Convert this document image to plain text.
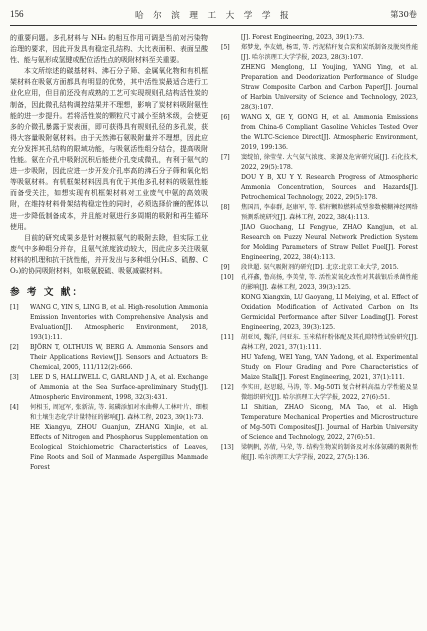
156	哈 尔 滨 理 工 大 学 学 报	第30卷

的重要问题。多孔材料与 NH₃ 的相互作用可调是当前对污染物治理的要求，因此开发具有稳定孔结构、大比表面积、表面呈酸性、能与氨形成氢键或配位活性点的吸附材料至关重要。

本文所综述的碳基材料、沸石分子筛、金属氧化物和有机框架材料在吸氨方面都具有明显的优势，其中活性炭最适合进行工业化应用，但目前还没有成熟的工艺可实现规则孔结构活性炭的制备，因此微孔结构调控结果并不理想，影响了炭材料吸附氨性能的进一步提升。若将活性炭的颗粒尺寸减小至纳米级，会使更多的介微孔暴露于炭表面，即可获得具有规则孔径的多孔炭，获得大容量吸附氨材料。由于天然沸石氨吸附量并不理想，因此应充分发挥其孔结构的限域功能，与吸氨活性组分结合，提高吸附性能。氨在介孔中吸附沉积后能使介孔变成微孔，有利于氨气的进一步吸附，因此应进一步开发介孔率高的沸石分子筛和氧化铝等吸氨材料。有机框架材料因具有优于其他多孔材料的吸氨性能而备受关注，如想实现有机框架材料对工业废气中氨的高效吸附，在维持材料骨架结构稳定性的同时，必须选择价廉的配体以进一步降低制备成本，并且能对氨进行多周期的吸附和再生循环使用。

目前的研究成果多是针对模拟氨气的吸附去除，但实际工业废气中多种组分并存，且氨气浓度波动较大，因此应多关注吸氨材料的机理和抗干扰性能，并开发出与多种组分(H₂S、硫醇、CO₂)的协同吸附材料，如吸氨脱硫、吸氨减碳材料。

参 考 文 献：
[1]	WANG C, YIN S, LING B, et al. High-resolution Ammonia Emission Inventories with Comprehensive Analysis and Evaluation[J]. Atmospheric Environment, 2018, 193(1):11.
[2]	BJÖRN T, OLTHUIS W, BERG A. Ammonia Sensors and Their Applications Review[J]. Sensors and Actuators B: Chemical, 2005, 111/112(2):666.
[3]	LEE D S, HALLIWELL C, GARLAND J A, et al. Exchange of Ammonia at the Sea Surface-apreliminary Study[J]. Atmospheric Environment, 1998, 32(3):431.
[4]	何相玉, 周冠军, 张新洁, 等. 氮磷添加对水曲柳人工林叶片、细根和土壤生态化学计量特征的影响[J]. 森林工程, 2023, 39(1):73.
HE Xiangyu, ZHOU Guanjun, ZHANG Xinjie, et al. Effects of Nitrogen and Phosphorus Supplementation on Ecological Stoichiometric Characteristics of Leaves, Fine Roots and Soil of Manmade Aspergillus Manmade Forest
[J]. Forest Engineering, 2023, 39(1):73.
[5]	郑梦龙, 李友婧, 杨雪, 等. 污泥秸秆复合炭和炭纸制备及脱臭性能[J]. 哈尔滨理工大学学报, 2023, 28(3):107.
ZHENG Menglong, LI Youjing, YANG Ying, et al. Preparation and Deodorization Performance of Sludge Straw Composite Carbon and Carbon Paper[J]. Journal of Harbin University of Science and Technology, 2023, 28(3):107.
[6]	WANG X, GE Y, GONG H, et al. Ammonia Emissions from China-6 Compliant Gasoline Vehicles Tested Over the WLTC-Science Direct[J]. Atmospheric Environment, 2019, 199:136.
[7]	窦绽铂, 徐莹莹. 大气氨气浓度、来源及危害研究展[J]. 石化技术, 2022, 29(5):178.
DOU Y B, XU Y Y. Research Progress of Atmospheric Ammonia Concentration, Sources and Hazards[J]. Petrochemical Technology, 2022, 29(5):178.
[8]	焦国昌, 李泰群, 赵康军, 等. 秸秆颗粒燃料成型参数模糊神经网络预测系统研究[J]. 森林工程, 2022, 38(4):113.
JIAO Guochang, LI Fengyue, ZHAO Kangjun, et al. Research on Fuzzy Neural Network Prediction System for Molding Parameters of Straw Pellet Fuel[J]. Forest Engineering, 2022, 38(4):113.
[9]	段世超. 氨气吸附剂的研究[D]. 北京:北京工业大学, 2015.
[10]	孔祥鑫, 鲁高扬, 李美莹, 等. 活性炭氧化改性对其载银后杀菌性能的影响[J]. 森林工程, 2023, 39(3):125.
KONG Xiangxin, LU Gaoyang, LI Meiying, et al. Effect of Oxidation Modification of Activated Carbon on Its Germicidal Performance after Silver Loading[J]. Forest Engineering, 2023, 39(3):125.
[11]	胡亚凤, 魏洋, 闫亚东. 玉米秸秆粉体配及其孔隙特性试验研究[J]. 森林工程, 2021, 37(1):111.
HU Yafeng, WEI Yang, YAN Yadong, et al. Experimental Study on Flour Grading and Pore Characteristics of Maize Stalk[J]. Forest Engineering, 2021, 37(1):111.
[12]	李实田, 赵思聪, 马涛, 等. Mg-50Ti 复合材料高温力学性能及显微组织研究[J]. 哈尔滨理工大学学报, 2022, 27(6):51.
LI Shitian, ZHAO Sicong, MA Tao, et al. High Temperature Mechanical Properties and Microstructure of Mg-50Ti Composites[J]. Journal of Harbin University of Science and Technology, 2022, 27(6):51.
[13]	梁帆帆, 苏倩, 马荣, 等. 结构生物炭的制备及对水体氨磷的吸附性能[J]. 哈尔滨理工大学学报, 2022, 27(5):136.
